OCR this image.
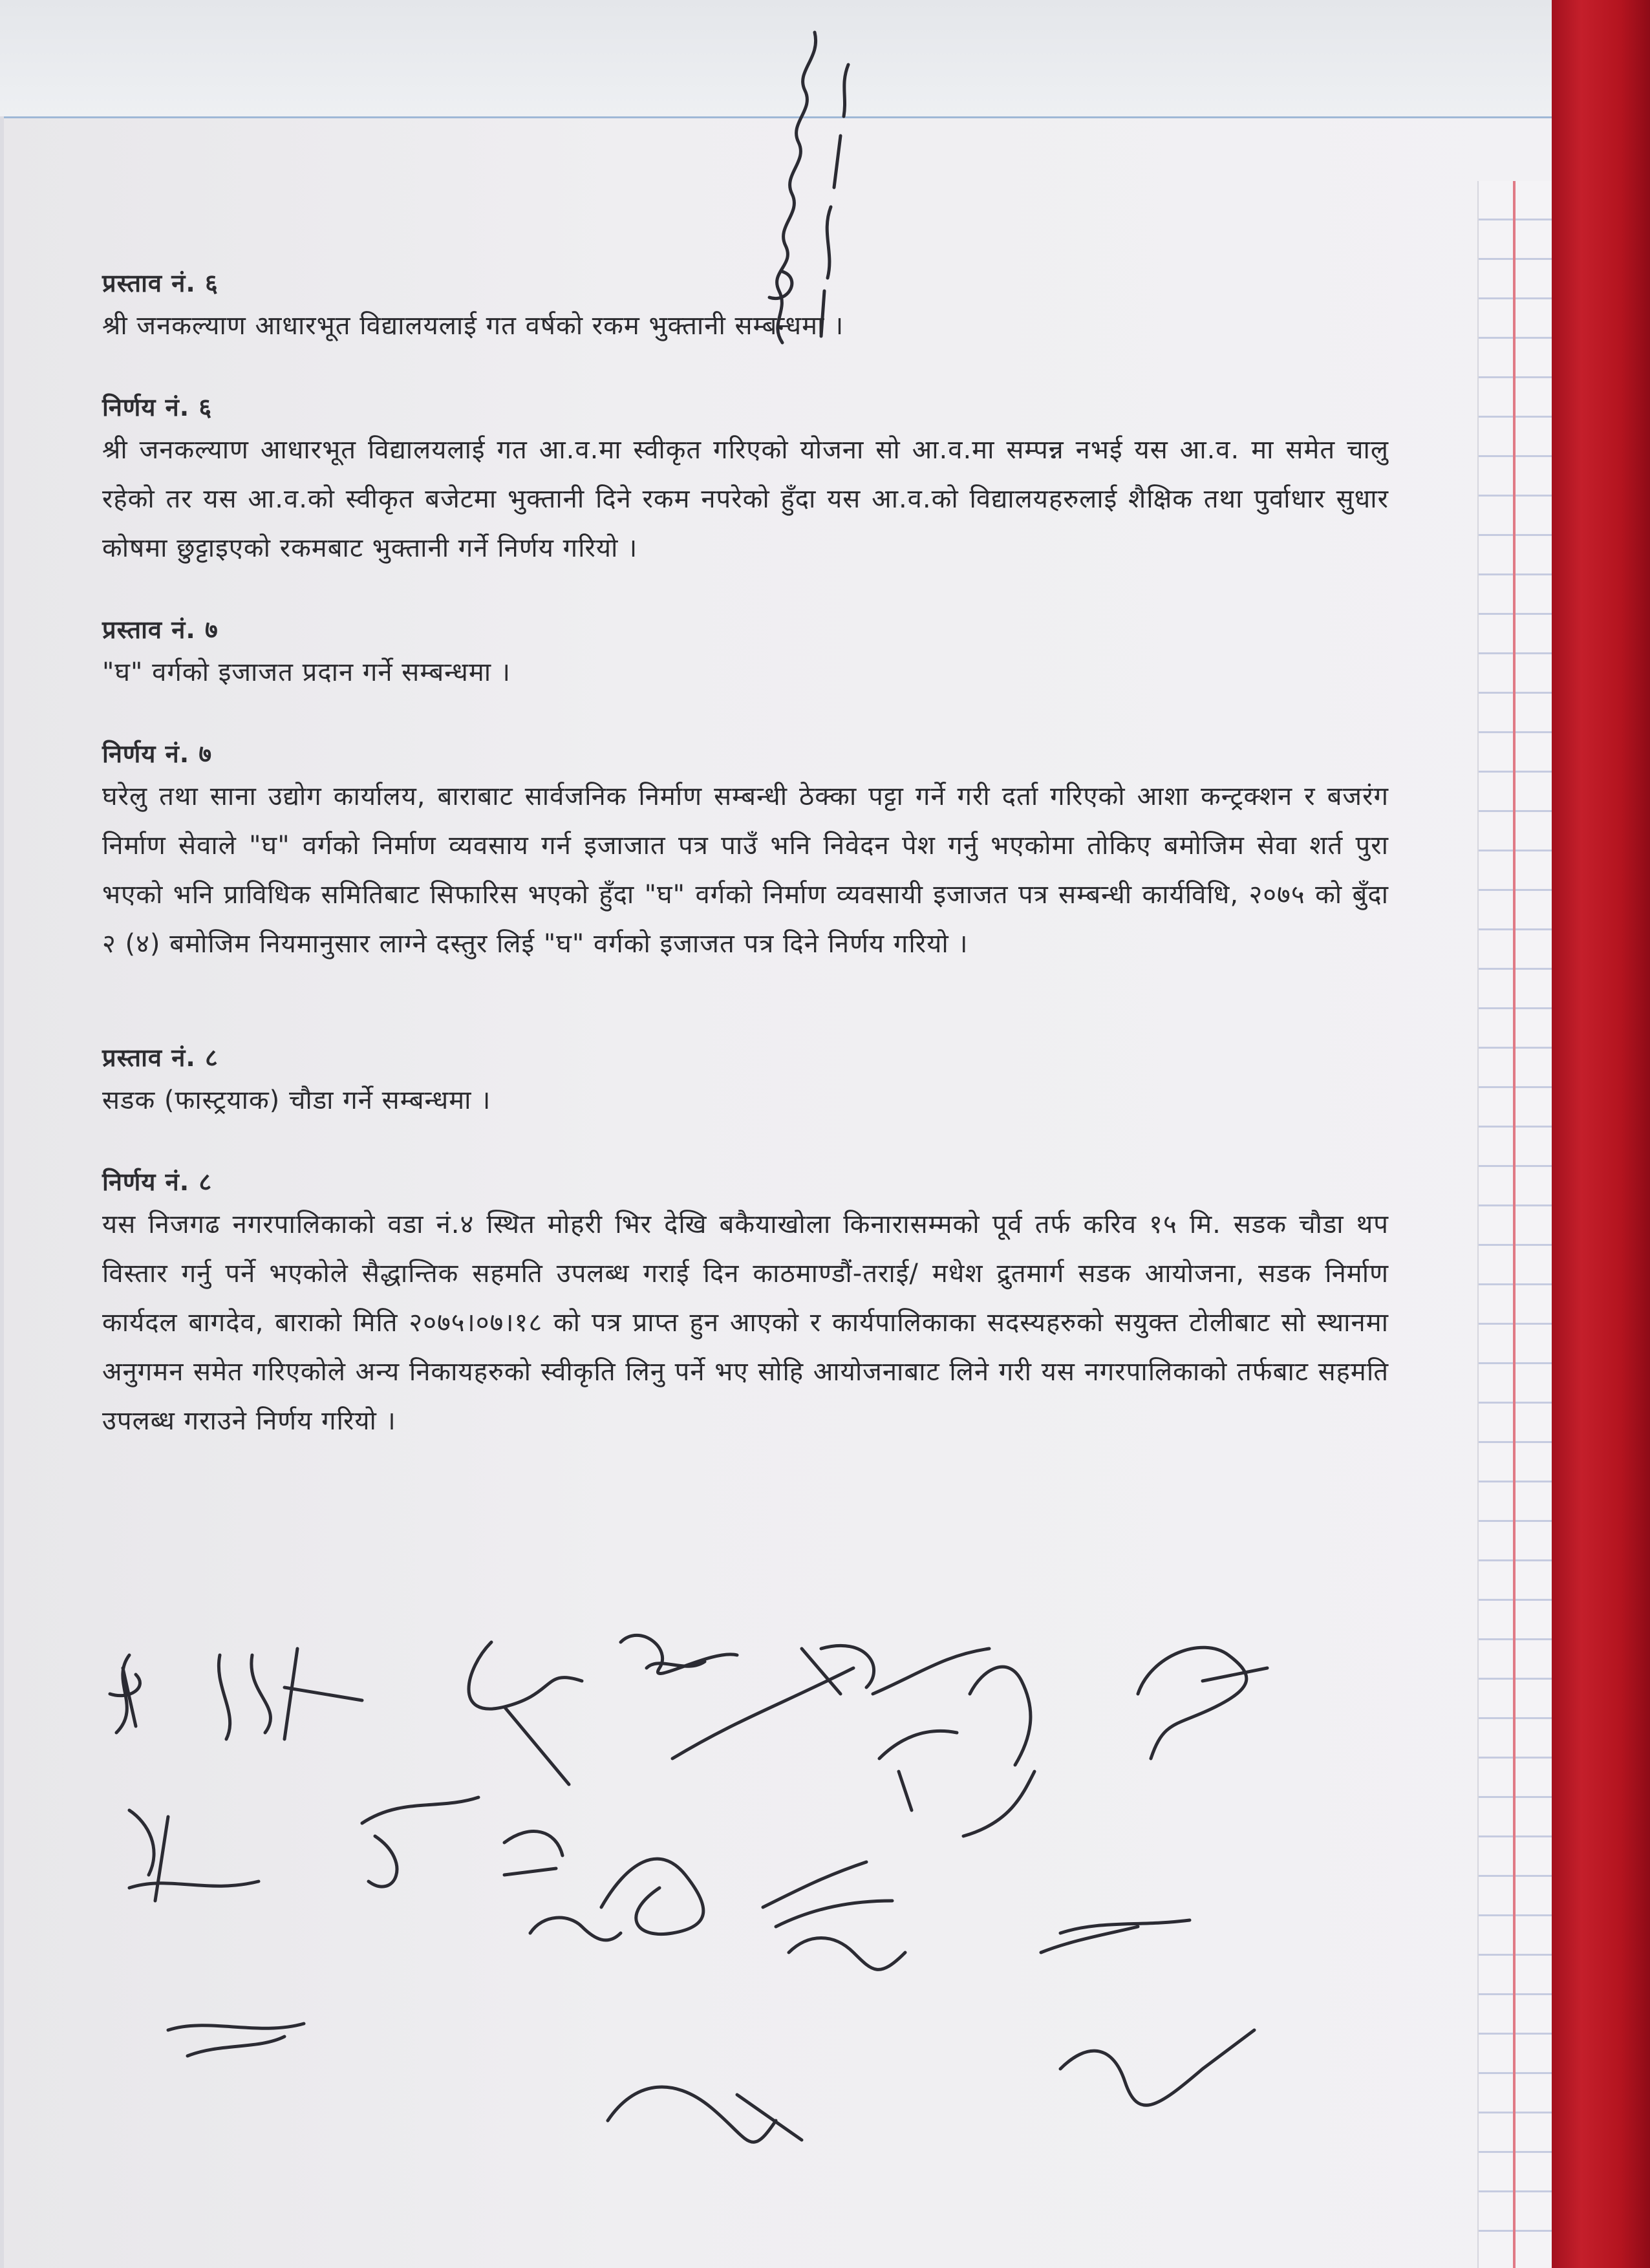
प्रस्ताव नं. ६
श्री जनकल्याण आधारभूत विद्यालयलाई गत वर्षको रकम भुक्तानी सम्बन्धमा ।
निर्णय नं. ६
श्री जनकल्याण आधारभूत विद्यालयलाई गत आ.व.मा स्वीकृत गरिएको योजना सो आ.व.मा सम्पन्न नभई यस आ.व. मा समेत चालु रहेको तर यस आ.व.को स्वीकृत बजेटमा भुक्तानी दिने रकम नपरेको हुँदा यस आ.व.को विद्यालयहरुलाई शैक्षिक तथा पुर्वाधार सुधार कोषमा छुट्टाइएको रकमबाट भुक्तानी गर्ने निर्णय गरियो ।
प्रस्ताव नं. ७
"घ" वर्गको इजाजत प्रदान गर्ने सम्बन्धमा ।
निर्णय नं. ७
घरेलु तथा साना उद्योग कार्यालय, बाराबाट सार्वजनिक निर्माण सम्बन्धी ठेक्का पट्टा गर्ने गरी दर्ता गरिएको आशा कन्ट्रक्शन र बजरंग निर्माण सेवाले "घ" वर्गको निर्माण व्यवसाय गर्न इजाजात पत्र पाउँ भनि निवेदन पेश गर्नु भएकोमा तोकिए बमोजिम सेवा शर्त पुरा भएको भनि प्राविधिक समितिबाट सिफारिस भएको हुँदा "घ" वर्गको निर्माण व्यवसायी इजाजत पत्र सम्बन्धी कार्यविधि, २०७५ को बुँदा २ (४) बमोजिम नियमानुसार लाग्ने दस्तुर लिई "घ" वर्गको इजाजत पत्र दिने निर्णय गरियो ।
प्रस्ताव नं. ८
सडक (फास्ट्रयाक) चौडा गर्ने सम्बन्धमा ।
निर्णय नं. ८
यस निजगढ नगरपालिकाको वडा नं.४ स्थित मोहरी भिर देखि बकैयाखोला किनारासम्मको पूर्व तर्फ करिव १५ मि. सडक चौडा थप विस्तार गर्नु पर्ने भएकोले सैद्धान्तिक सहमति उपलब्ध गराई दिन काठमाण्डौं-तराई/ मधेश द्रुतमार्ग सडक आयोजना, सडक निर्माण कार्यदल बागदेव, बाराको मिति २०७५।०७।१८ को पत्र प्राप्त हुन आएको र कार्यपालिकाका सदस्यहरुको सयुक्त टोलीबाट सो स्थानमा अनुगमन समेत गरिएकोले अन्य निकायहरुको स्वीकृति लिनु पर्ने भए सोहि आयोजनाबाट लिने गरी यस नगरपालिकाको तर्फबाट सहमति उपलब्ध गराउने निर्णय गरियो ।
